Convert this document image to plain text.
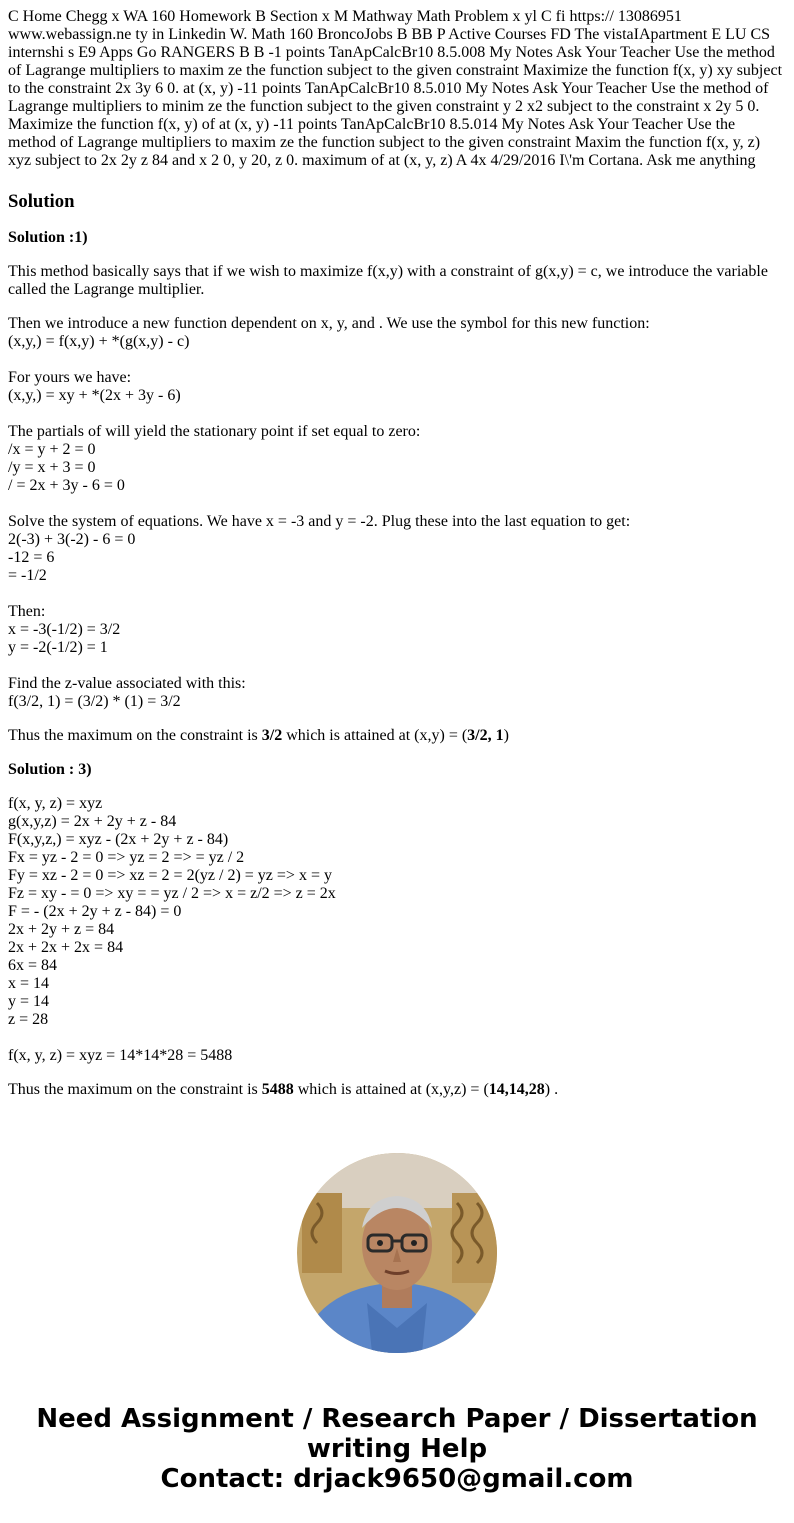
C Home Chegg x WA 160 Homework B Section x M Mathway Math Problem x yl C fi https:// 13086951 www.webassign.ne ty in Linkedin W. Math 160 BroncoJobs B BB P Active Courses FD The vistaIApartment E LU CS internshi s E9 Apps Go RANGERS B B -1 points TanApCalcBr10 8.5.008 My Notes Ask Your Teacher Use the method of Lagrange multipliers to maxim ze the function subject to the given constraint Maximize the function f(x, y) xy subject to the constraint 2x 3y 6 0. at (x, y) -11 points TanApCalcBr10 8.5.010 My Notes Ask Your Teacher Use the method of Lagrange multipliers to minim ze the function subject to the given constraint y 2 x2 subject to the constraint x 2y 5 0. Maximize the function f(x, y) of at (x, y) -11 points TanApCalcBr10 8.5.014 My Notes Ask Your Teacher Use the method of Lagrange multipliers to maxim ze the function subject to the given constraint Maxim the function f(x, y, z) xyz subject to 2x 2y z 84 and x 2 0, y 20, z 0. maximum of at (x, y, z) A 4x 4/29/2016 I\'m Cortana. Ask me anything

Solution

Solution :1)

This method basically says that if we wish to maximize f(x,y) with a constraint of g(x,y) = c, we introduce the variable called the Lagrange multiplier.

Then we introduce a new function dependent on x, y, and . We use the symbol for this new function:
(x,y,) = f(x,y) + *(g(x,y) - c)
For yours we have:
(x,y,) = xy + *(2x + 3y - 6)
The partials of will yield the stationary point if set equal to zero:
/x = y + 2 = 0
/y = x + 3 = 0
/ = 2x + 3y - 6 = 0
Solve the system of equations. We have x = -3 and y = -2. Plug these into the last equation to get:
2(-3) + 3(-2) - 6 = 0
-12 = 6
= -1/2
Then:
x = -3(-1/2) = 3/2
y = -2(-1/2) = 1
Find the z-value associated with this:
f(3/2, 1) = (3/2) * (1) = 3/2

Thus the maximum on the constraint is 3/2 which is attained at (x,y) = (3/2, 1)

Solution : 3)

f(x, y, z) = xyz
g(x,y,z) = 2x + 2y + z - 84
F(x,y,z,) = xyz - (2x + 2y + z - 84)
Fx = yz - 2 = 0 => yz = 2 => = yz / 2
Fy = xz - 2 = 0 => xz = 2 = 2(yz / 2) = yz => x = y
Fz = xy - = 0 => xy = = yz / 2 => x = z/2 => z = 2x
F = - (2x + 2y + z - 84) = 0
2x + 2y + z = 84
2x + 2x + 2x = 84
6x = 84
x = 14
y = 14
z = 28
f(x, y, z) = xyz = 14*14*28 = 5488

Thus the maximum on the constraint is 5488 which is attained at (x,y,z) = (14,14,28) .

Need Assignment / Research Paper / Dissertation
writing Help
Contact: drjack9650@gmail.com
